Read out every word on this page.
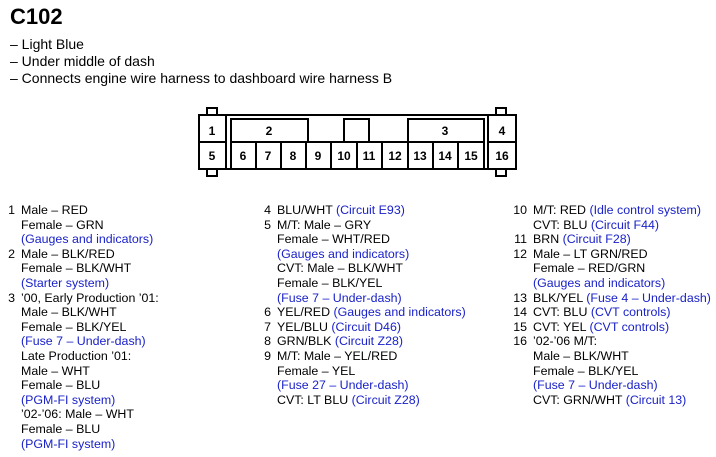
C102
– Light Blue
– Under middle of dash
– Connects engine wire harness to dashboard wire harness B
1	2	3	4
5 6 7 8 9 10 11 12 13 14 15 16
1 Male – RED
Female – GRN
(Gauges and indicators)
2 Male – BLK/RED
Female – BLK/WHT
(Starter system)
3 ’00, Early Production ’01:
Male – BLK/WHT
Female – BLK/YEL
(Fuse 7 – Under-dash)
Late Production ’01:
Male – WHT
Female – BLU
(PGM-FI system)
’02-’06: Male – WHT
Female – BLU
(PGM-FI system)
4 BLU/WHT (Circuit E93)
5 M/T: Male – GRY
Female – WHT/RED
(Gauges and indicators)
CVT: Male – BLK/WHT
Female – BLK/YEL
(Fuse 7 – Under-dash)
6 YEL/RED (Gauges and indicators)
7 YEL/BLU (Circuit D46)
8 GRN/BLK (Circuit Z28)
9 M/T: Male – YEL/RED
Female – YEL
(Fuse 27 – Under-dash)
CVT: LT BLU (Circuit Z28)
10 M/T: RED (Idle control system)
CVT: BLU (Circuit F44)
11 BRN (Circuit F28)
12 Male – LT GRN/RED
Female – RED/GRN
(Gauges and indicators)
13 BLK/YEL (Fuse 4 – Under-dash)
14 CVT: BLU (CVT controls)
15 CVT: YEL (CVT controls)
16 ’02-’06 M/T:
Male – BLK/WHT
Female – BLK/YEL
(Fuse 7 – Under-dash)
CVT: GRN/WHT (Circuit 13)
